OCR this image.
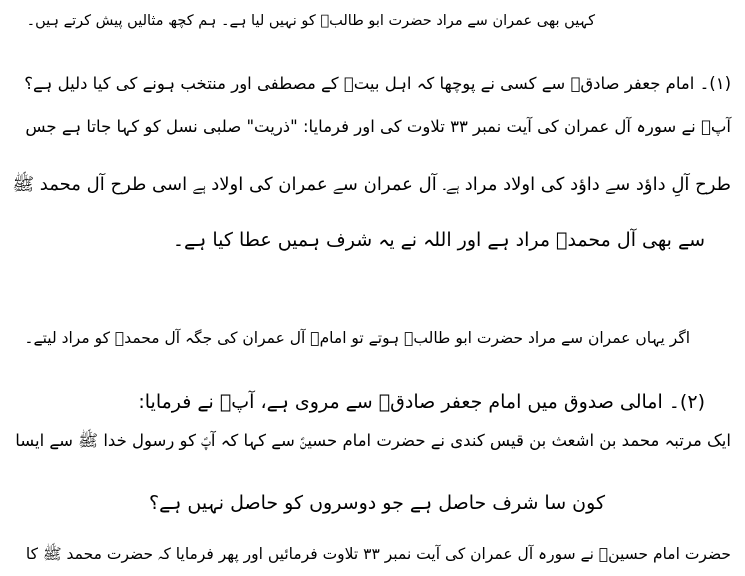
کہیں بھی عمران سے مراد حضرت ابو طالبؑ کو نہیں لیا ہے۔ ہم کچھ مثالیں پیش کرتے ہیں۔
(۱)۔ امام جعفر صادقؑ سے کسی نے پوچھا کہ اہل بیتؑ کے مصطفی اور منتخب ہونے کی کیا دلیل ہے؟
آپؑ نے سورہ آل عمران کی آیت نمبر ۳۳ تلاوت کی اور فرمایا: "ذریت" صلبی نسل کو کہا جاتا ہے جس
طرح آلِ داؤد سے داؤد کی اولاد مراد ہے۔ آل عمران سے عمران کی اولاد ہے اسی طرح آل محمد ﷺ
سے بھی آل محمدؐ مراد ہے اور اللہ نے یہ شرف ہمیں عطا کیا ہے۔
اگر یہاں عمران سے مراد حضرت ابو طالبؑ ہوتے تو امامؑ آل عمران کی جگہ آل محمدؐ کو مراد لیتے۔
(۲)۔ امالی صدوق میں امام جعفر صادقؑ سے مروی ہے، آپؑ نے فرمایا:
ایک مرتبہ محمد بن اشعث بن قیس کندی نے حضرت امام حسینؑ سے کہا کہ آپؑ کو رسول خدا ﷺ سے ایسا
کون سا شرف حاصل ہے جو دوسروں کو حاصل نہیں ہے؟
حضرت امام حسینؑ نے سورہ آل عمران کی آیت نمبر ۳۳ تلاوت فرمائیں اور پھر فرمایا کہ حضرت محمد ﷺ کا
